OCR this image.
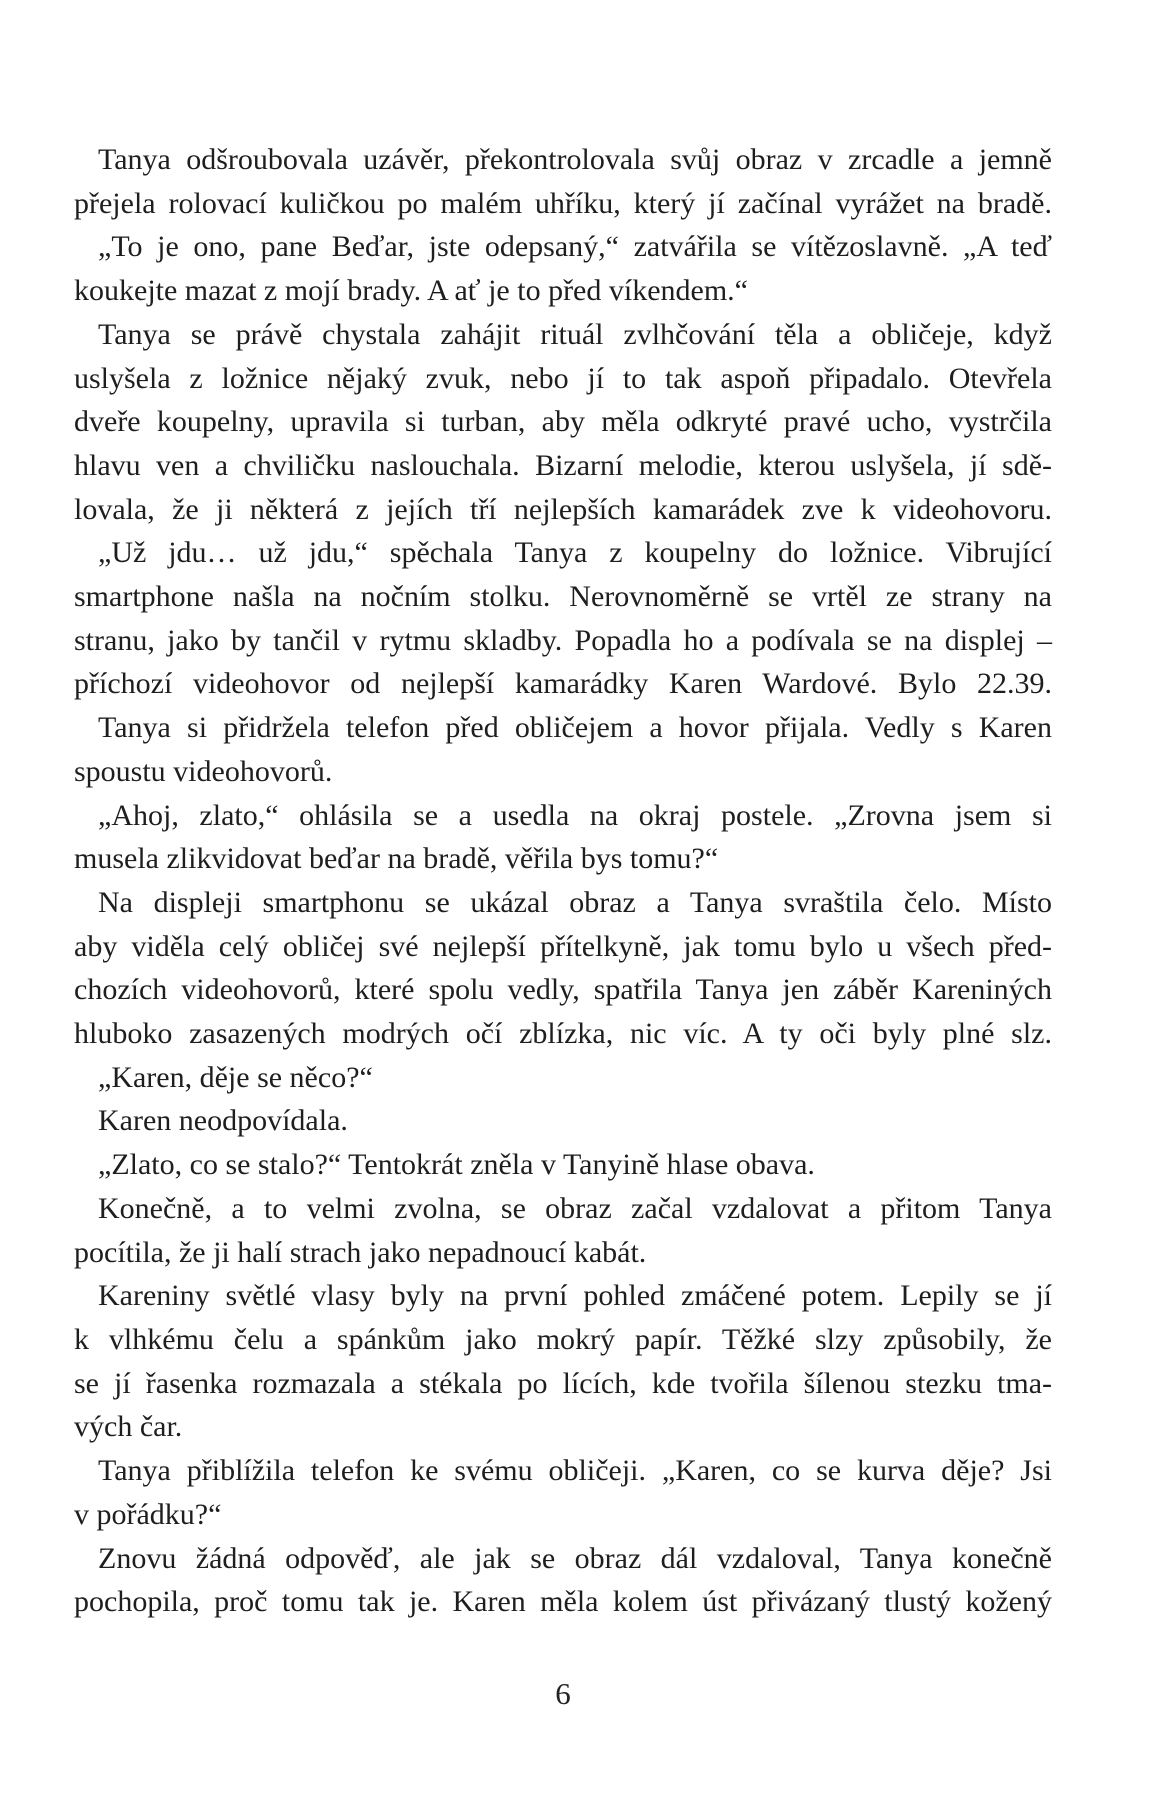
Tanya odšroubovala uzávěr, překontrolovala svůj obraz v zrcadle a jemně
přejela rolovací kuličkou po malém uhříku, který jí začínal vyrážet na bradě.
„To je ono, pane Beďar, jste odepsaný,“ zatvářila se vítězoslavně. „A teď
koukejte mazat z mojí brady. A ať je to před víkendem.“
Tanya se právě chystala zahájit rituál zvlhčování těla a obličeje, když
uslyšela z ložnice nějaký zvuk, nebo jí to tak aspoň připadalo. Otevřela
dveře koupelny, upravila si turban, aby měla odkryté pravé ucho, vystrčila
hlavu ven a chviličku naslouchala. Bizarní melodie, kterou uslyšela, jí sdě-
lovala, že ji některá z jejích tří nejlepších kamarádek zve k videohovoru.
„Už jdu… už jdu,“ spěchala Tanya z koupelny do ložnice. Vibrující
smartphone našla na nočním stolku. Nerovnoměrně se vrtěl ze strany na
stranu, jako by tančil v rytmu skladby. Popadla ho a podívala se na displej –
příchozí videohovor od nejlepší kamarádky Karen Wardové. Bylo 22.39.
Tanya si přidržela telefon před obličejem a hovor přijala. Vedly s Karen
spoustu videohovorů.
„Ahoj, zlato,“ ohlásila se a usedla na okraj postele. „Zrovna jsem si
musela zlikvidovat beďar na bradě, věřila bys tomu?“
Na displeji smartphonu se ukázal obraz a Tanya svraštila čelo. Místo
aby viděla celý obličej své nejlepší přítelkyně, jak tomu bylo u všech před-
chozích videohovorů, které spolu vedly, spatřila Tanya jen záběr Kareniných
hluboko zasazených modrých očí zblízka, nic víc. A ty oči byly plné slz.
„Karen, děje se něco?“
Karen neodpovídala.
„Zlato, co se stalo?“ Tentokrát zněla v Tanyině hlase obava.
Konečně, a to velmi zvolna, se obraz začal vzdalovat a přitom Tanya
pocítila, že ji halí strach jako nepadnoucí kabát.
Kareniny světlé vlasy byly na první pohled zmáčené potem. Lepily se jí
k vlhkému čelu a spánkům jako mokrý papír. Těžké slzy způsobily, že
se jí řasenka rozmazala a stékala po lících, kde tvořila šílenou stezku tma-
vých čar.
Tanya přiblížila telefon ke svému obličeji. „Karen, co se kurva děje? Jsi
v pořádku?“
Znovu žádná odpověď, ale jak se obraz dál vzdaloval, Tanya konečně
pochopila, proč tomu tak je. Karen měla kolem úst přivázaný tlustý kožený
6
